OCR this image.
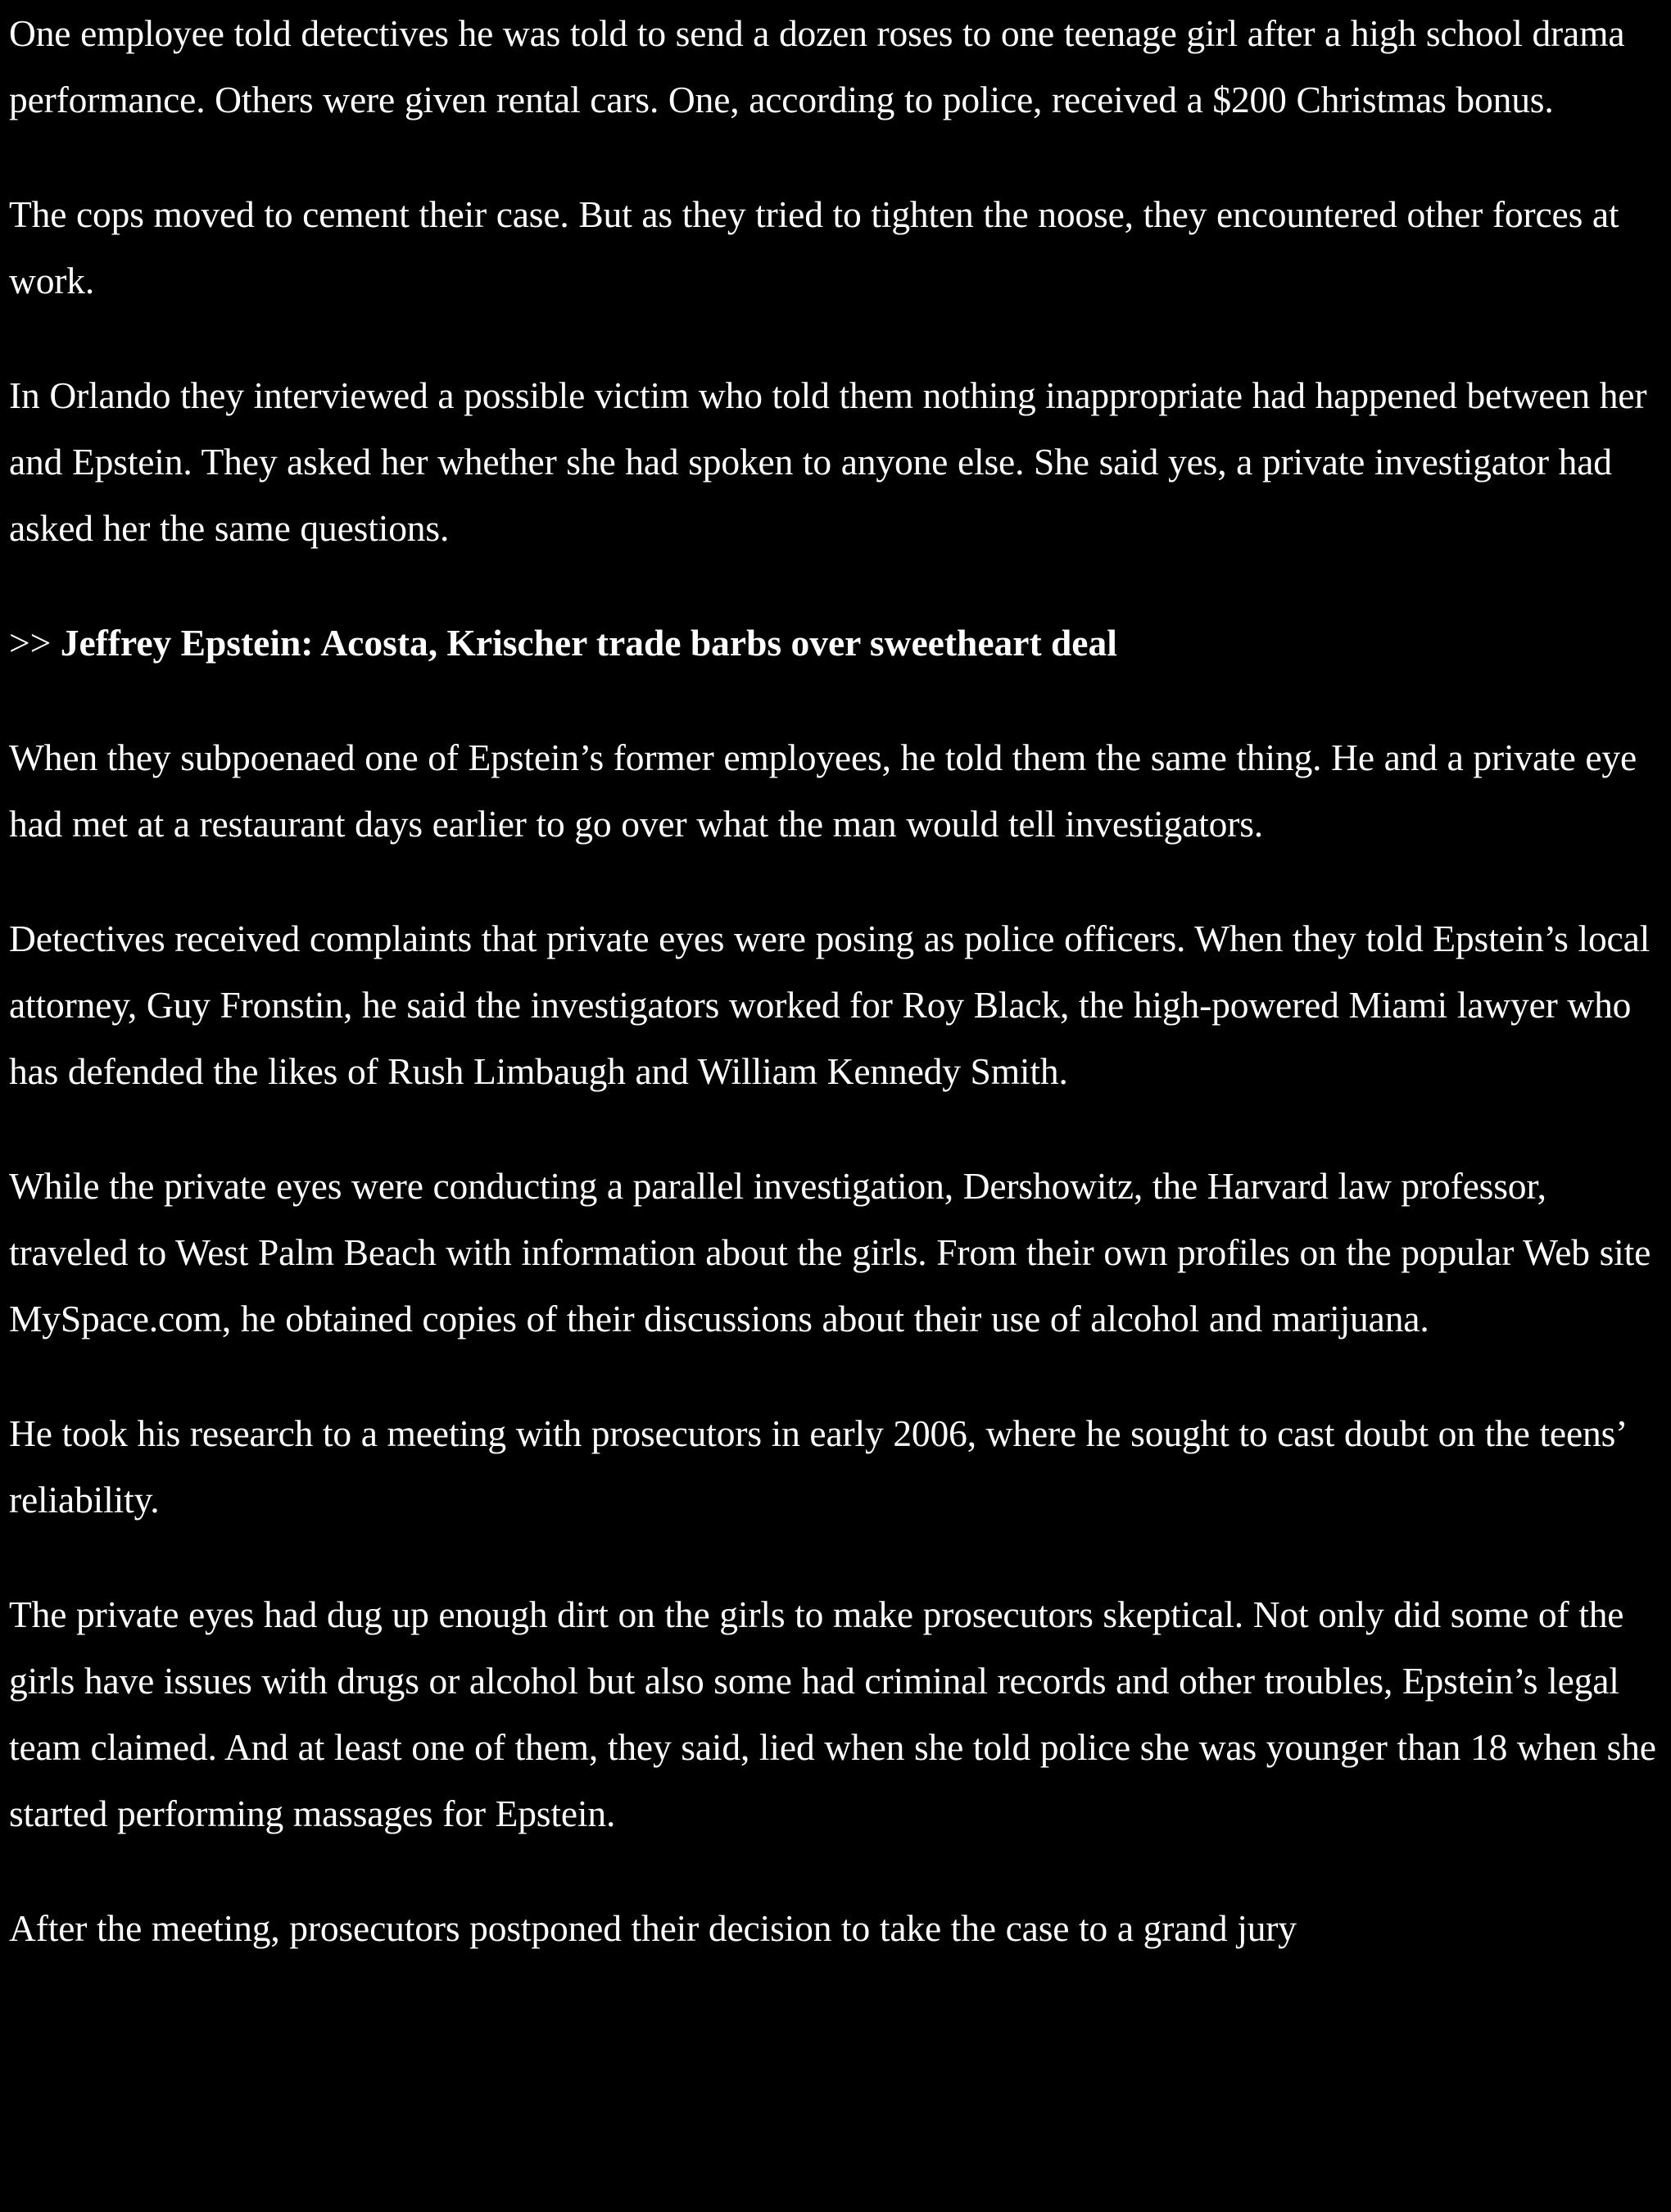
One employee told detectives he was told to send a dozen roses to one teenage girl after a high school drama performance. Others were given rental cars. One, according to police, received a $200 Christmas bonus.

The cops moved to cement their case. But as they tried to tighten the noose, they encountered other forces at work.

In Orlando they interviewed a possible victim who told them nothing inappropriate had happened between her and Epstein. They asked her whether she had spoken to anyone else. She said yes, a private investigator had asked her the same questions.

>> Jeffrey Epstein: Acosta, Krischer trade barbs over sweetheart deal

When they subpoenaed one of Epstein’s former employees, he told them the same thing. He and a private eye had met at a restaurant days earlier to go over what the man would tell investigators.

Detectives received complaints that private eyes were posing as police officers. When they told Epstein’s local attorney, Guy Fronstin, he said the investigators worked for Roy Black, the high-powered Miami lawyer who has defended the likes of Rush Limbaugh and William Kennedy Smith.

While the private eyes were conducting a parallel investigation, Dershowitz, the Harvard law professor, traveled to West Palm Beach with information about the girls. From their own profiles on the popular Web site MySpace.com, he obtained copies of their discussions about their use of alcohol and marijuana.

He took his research to a meeting with prosecutors in early 2006, where he sought to cast doubt on the teens’ reliability.

The private eyes had dug up enough dirt on the girls to make prosecutors skeptical. Not only did some of the girls have issues with drugs or alcohol but also some had criminal records and other troubles, Epstein’s legal team claimed. And at least one of them, they said, lied when she told police she was younger than 18 when she started performing massages for Epstein.

After the meeting, prosecutors postponed their decision to take the case to a grand jury
